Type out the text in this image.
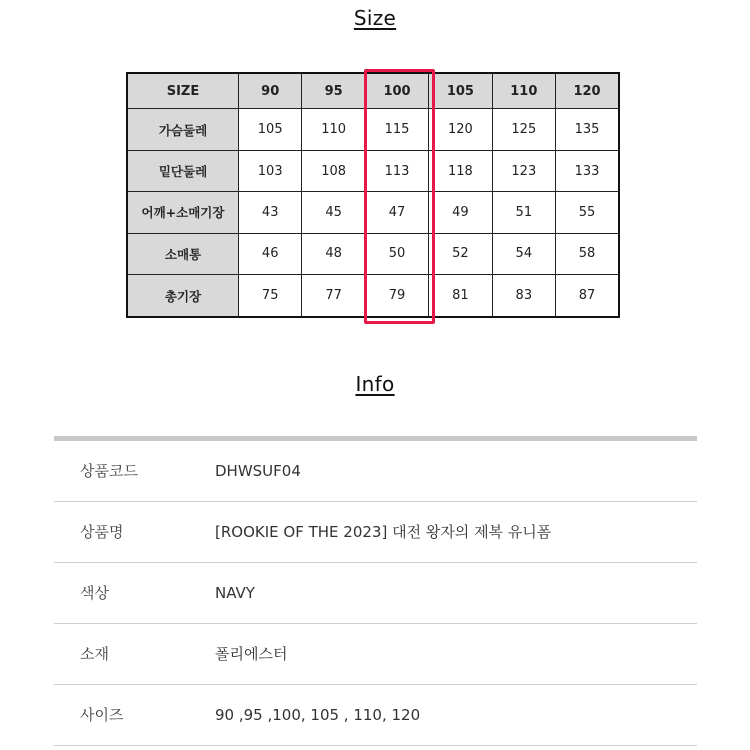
Size
SIZE	90	95	100	105	110	120
가슴둘레	105	110	115	120	125	135
밑단둘레	103	108	113	118	123	133
어깨+소매기장	43	45	47	49	51	55
소매통	46	48	50	52	54	58
총기장	75	77	79	81	83	87
Info
상품코드	DHWSUF04
상품명	[ROOKIE OF THE 2023] 대전 왕자의 제복 유니폼
색상	NAVY
소재	폴리에스터
사이즈	90 ,95 ,100, 105 , 110, 120
